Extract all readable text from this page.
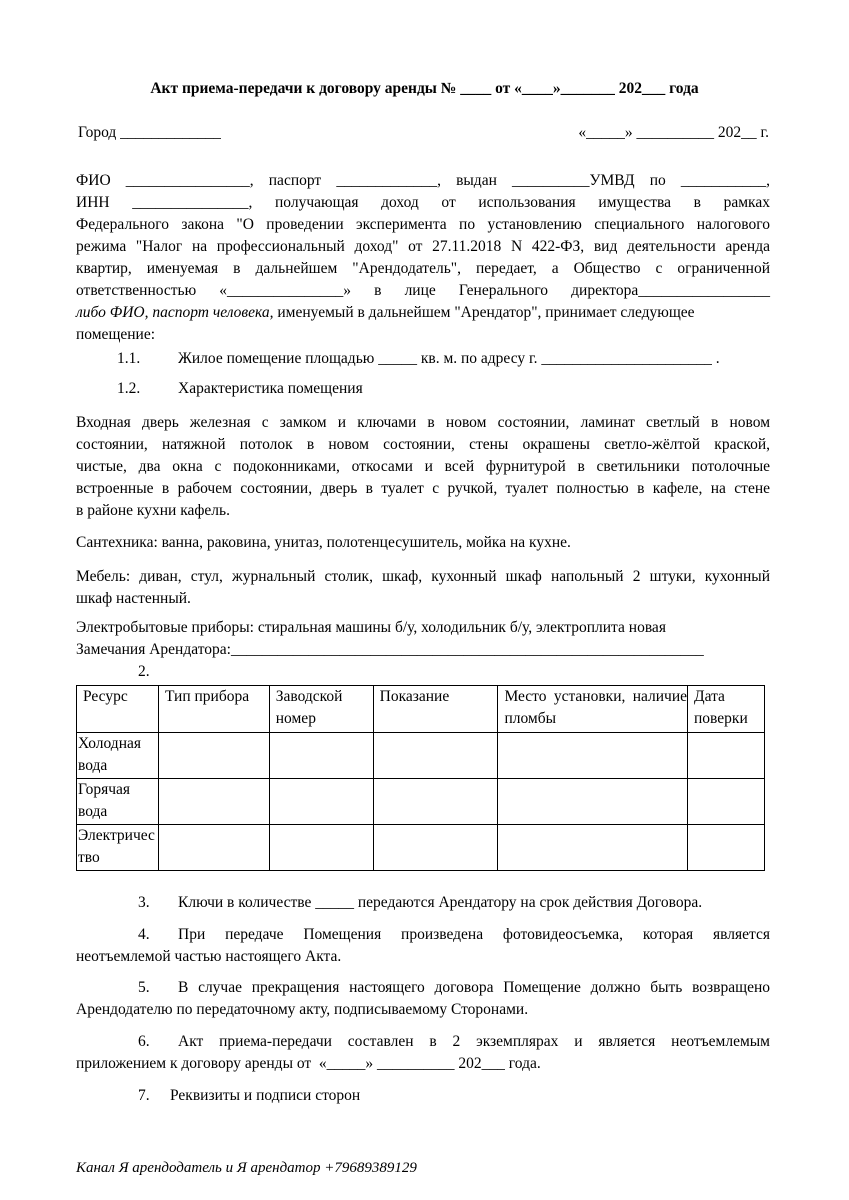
Акт приема-передачи к договору аренды № ____ от «____»_______ 202___ года
Город _____________	«_____» __________ 202__ г.
ФИО ________________, паспорт _____________, выдан __________УМВД по ___________,
ИНН _______________, получающая доход от использования имущества в рамках
Федерального закона "О проведении эксперимента по установлению специального налогового
режима "Налог на профессиональный доход" от 27.11.2018 N 422-ФЗ, вид деятельности аренда
квартир, именуемая в дальнейшем "Арендодатель", передает, а Общество с ограниченной
ответственностью «_______________» в лице Генерального директора_________________
либо ФИО, паспорт человека, именуемый в дальнейшем "Арендатор", принимает следующее
помещение:
1.1. Жилое помещение площадью _____ кв. м. по адресу г. ______________________ .
1.2. Характеристика помещения
Входная дверь железная с замком и ключами в новом состоянии, ламинат светлый в новом
состоянии, натяжной потолок в новом состоянии, стены окрашены светло-жёлтой краской,
чистые, два окна с подоконниками, откосами и всей фурнитурой в светильники потолочные
встроенные в рабочем состоянии, дверь в туалет с ручкой, туалет полностью в кафеле, на стене
в районе кухни кафель.
Сантехника: ванна, раковина, унитаз, полотенцесушитель, мойка на кухне.
Мебель: диван, стул, журнальный столик, шкаф, кухонный шкаф напольный 2 штуки, кухонный
шкаф настенный.
Электробытовые приборы: стиральная машины б/у, холодильник б/у, электроплита новая
Замечания Арендатора:_____________________________________________________________
2.
Ресурс	Тип прибора	Заводской номер	Показание	Место установки, наличие пломбы	Дата поверки
Холодная вода					
Горячая вода					
Электричество					
3. Ключи в количестве _____ передаются Арендатору на срок действия Договора.
4. При передаче Помещения произведена фотовидеосъемка, которая является
неотъемлемой частью настоящего Акта.
5. В случае прекращения настоящего договора Помещение должно быть возвращено
Арендодателю по передаточному акту, подписываемому Сторонами.
6. Акт приема-передачи составлен в 2 экземплярах и является неотъемлемым
приложением к договору аренды от  «_____» __________ 202___ года.
7. Реквизиты и подписи сторон
Канал Я арендодатель и Я арендатор +79689389129
